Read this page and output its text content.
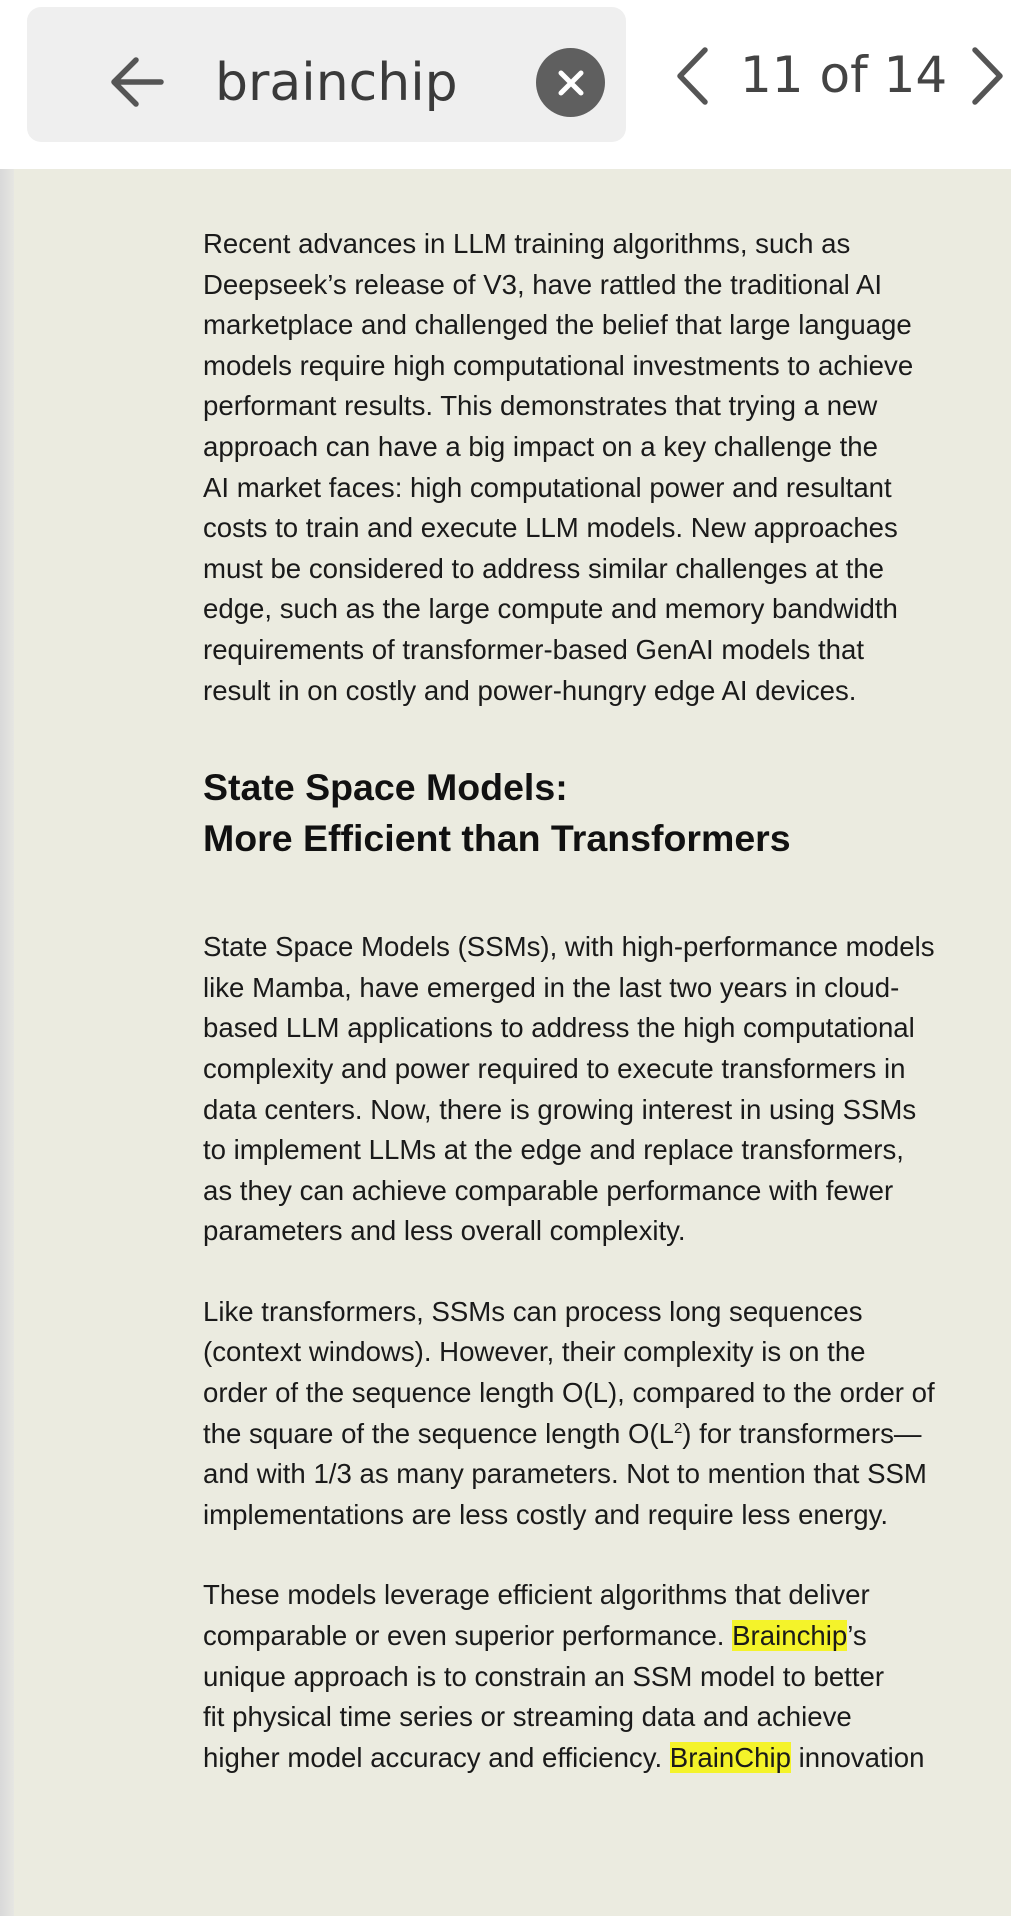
brainchip
11 of 14

Recent advances in LLM training algorithms, such as

Deepseek’s release of V3, have rattled the traditional AI

marketplace and challenged the belief that large language

models require high computational investments to achieve

performant results. This demonstrates that trying a new

approach can have a big impact on a key challenge the

AI market faces: high computational power and resultant

costs to train and execute LLM models. New approaches

must be considered to address similar challenges at the

edge, such as the large compute and memory bandwidth

requirements of transformer-based GenAI models that

result in on costly and power-hungry edge AI devices.

State Space Models:
More Efficient than Transformers

State Space Models (SSMs), with high-performance models

like Mamba, have emerged in the last two years in cloud-

based LLM applications to address the high computational

complexity and power required to execute transformers in

data centers. Now, there is growing interest in using SSMs

to implement LLMs at the edge and replace transformers,

as they can achieve comparable performance with fewer

parameters and less overall complexity.

Like transformers, SSMs can process long sequences

(context windows). However, their complexity is on the

order of the sequence length O(L), compared to the order of

the square of the sequence length $O(L^2)$ for transformers—

and with 1/3 as many parameters. Not to mention that SSM

implementations are less costly and require less energy.

These models leverage efficient algorithms that deliver

comparable or even superior performance. Brainchip’s

unique approach is to constrain an SSM model to better

fit physical time series or streaming data and achieve

higher model accuracy and efficiency. BrainChip innovation
